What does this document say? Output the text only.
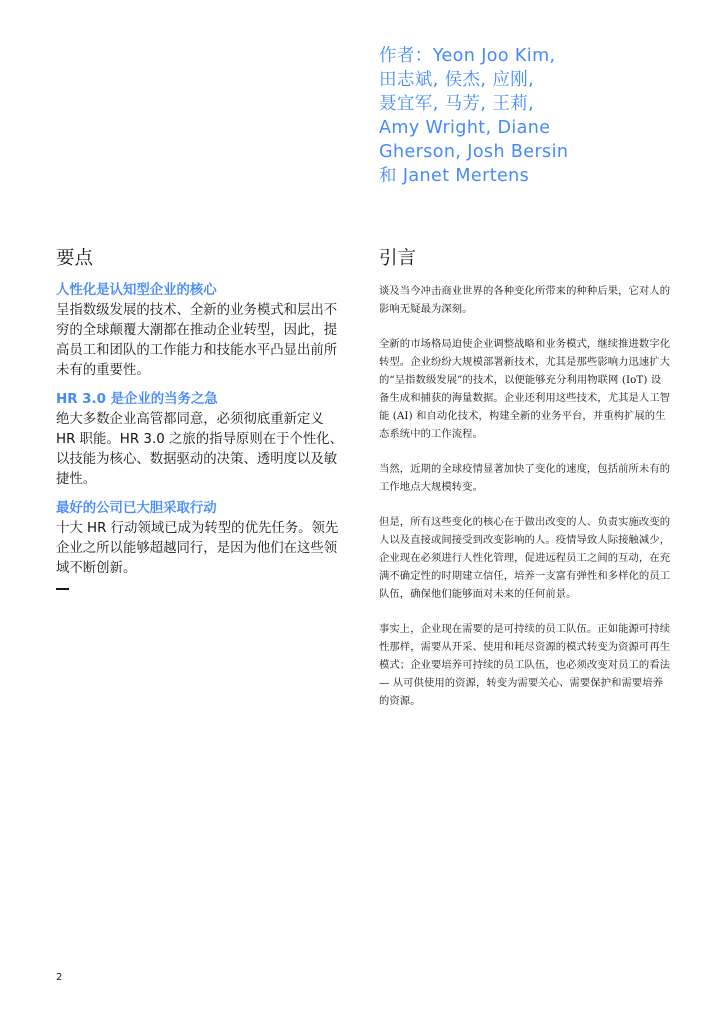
作者：Yeon Joo Kim,
田志斌, 侯杰, 应刚,
聂宜军, 马芳, 王莉,
Amy Wright, Diane
Gherson, Josh Bersin
和 Janet Mertens
要点

人性化是认知型企业的核心

呈指数级发展的技术、全新的业务模式和层出不穷的全球颠覆大潮都在推动企业转型，因此，提高员工和团队的工作能力和技能水平凸显出前所未有的重要性。

HR 3.0 是企业的当务之急

绝大多数企业高管都同意，必须彻底重新定义 HR 职能。HR 3.0 之旅的指导原则在于个性化、以技能为核心、数据驱动的决策、透明度以及敏捷性。

最好的公司已大胆采取行动

十大 HR 行动领域已成为转型的优先任务。领先企业之所以能够超越同行，是因为他们在这些领域不断创新。

引言

谈及当今冲击商业世界的各种变化所带来的种种后果，它对人的影响无疑最为深刻。

全新的市场格局迫使企业调整战略和业务模式，继续推进数字化转型。企业纷纷大规模部署新技术，尤其是那些影响力迅速扩大的“呈指数级发展”的技术，以便能够充分利用物联网 (IoT) 设备生成和捕获的海量数据。企业还利用这些技术，尤其是人工智能 (AI) 和自动化技术，构建全新的业务平台，并重构扩展的生态系统中的工作流程。

当然，近期的全球疫情显著加快了变化的速度，包括前所未有的工作地点大规模转变。

但是，所有这些变化的核心在于做出改变的人、负责实施改变的人以及直接或间接受到改变影响的人。疫情导致人际接触减少，企业现在必须进行人性化管理，促进远程员工之间的互动，在充满不确定性的时期建立信任，培养一支富有弹性和多样化的员工队伍，确保他们能够面对未来的任何前景。

事实上，企业现在需要的是可持续的员工队伍。正如能源可持续性那样，需要从开采、使用和耗尽资源的模式转变为资源可再生模式；企业要培养可持续的员工队伍，也必须改变对员工的看法 — 从可供使用的资源，转变为需要关心、需要保护和需要培养的资源。

2
